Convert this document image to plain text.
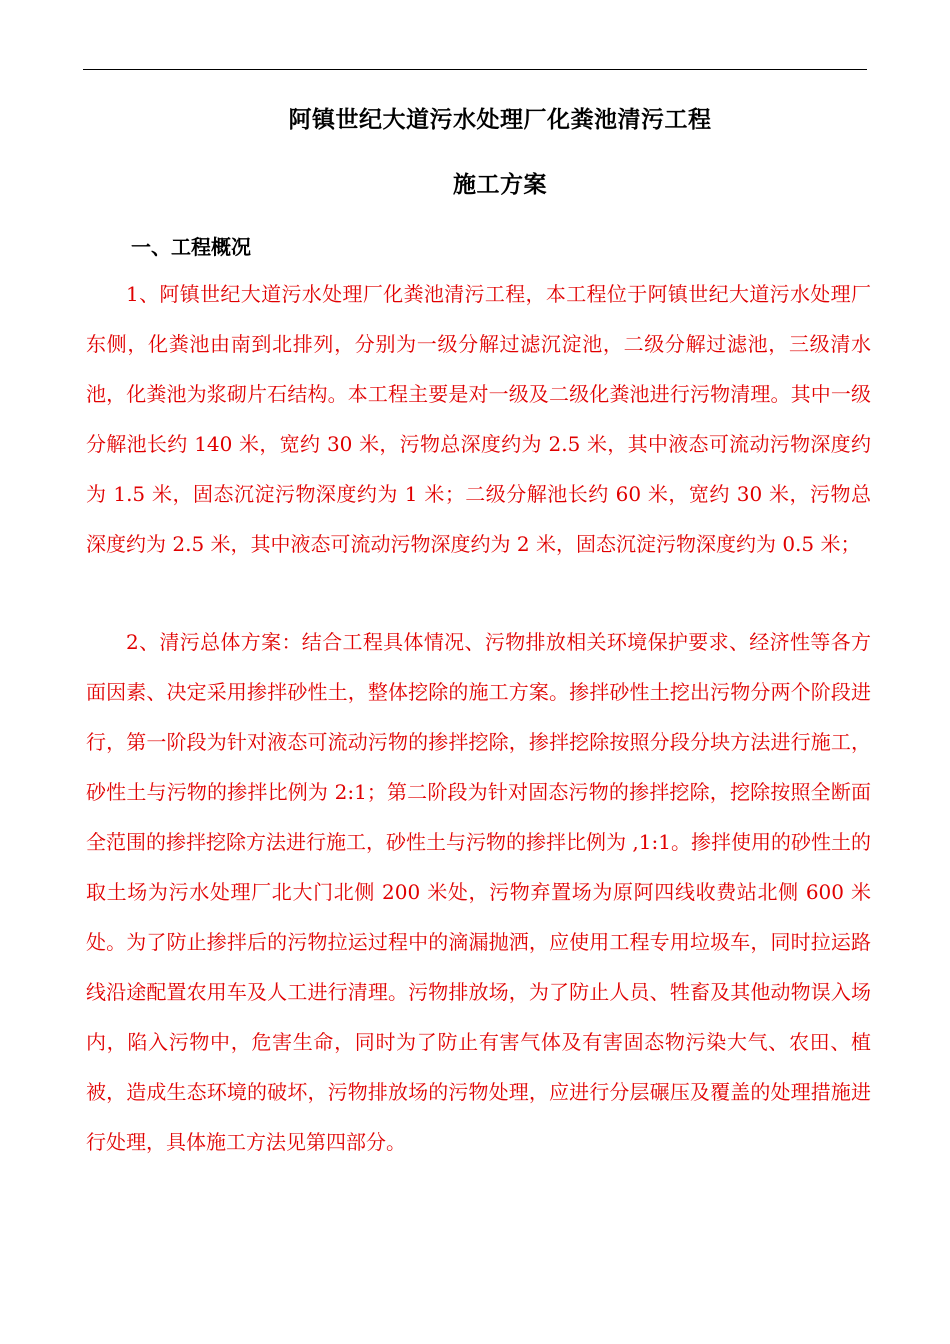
阿镇世纪大道污水处理厂化粪池清污工程
施工方案
一、工程概况
1、阿镇世纪大道污水处理厂化粪池清污工程，本工程位于阿镇世纪大道污水处理厂东侧，化粪池由南到北排列，分别为一级分解过滤沉淀池，二级分解过滤池，三级清水池，化粪池为浆砌片石结构。本工程主要是对一级及二级化粪池进行污物清理。其中一级分解池长约 140 米，宽约 30 米，污物总深度约为 2.5 米，其中液态可流动污物深度约为 1.5 米，固态沉淀污物深度约为 1 米；二级分解池长约 60 米，宽约 30 米，污物总深度约为 2.5 米，其中液态可流动污物深度约为 2 米，固态沉淀污物深度约为 0.5 米；
2、清污总体方案：结合工程具体情况、污物排放相关环境保护要求、经济性等各方面因素、决定采用掺拌砂性土，整体挖除的施工方案。掺拌砂性土挖出污物分两个阶段进行，第一阶段为针对液态可流动污物的掺拌挖除，掺拌挖除按照分段分块方法进行施工，砂性土与污物的掺拌比例为 2:1；第二阶段为针对固态污物的掺拌挖除，挖除按照全断面全范围的掺拌挖除方法进行施工，砂性土与污物的掺拌比例为 ,1:1。掺拌使用的砂性土的取土场为污水处理厂北大门北侧 200 米处，污物弃置场为原阿四线收费站北侧 600 米处。为了防止掺拌后的污物拉运过程中的滴漏抛洒，应使用工程专用垃圾车，同时拉运路线沿途配置农用车及人工进行清理。污物排放场，为了防止人员、牲畜及其他动物误入场内，陷入污物中，危害生命，同时为了防止有害气体及有害固态物污染大气、农田、植被，造成生态环境的破坏，污物排放场的污物处理，应进行分层碾压及覆盖的处理措施进行处理，具体施工方法见第四部分。
